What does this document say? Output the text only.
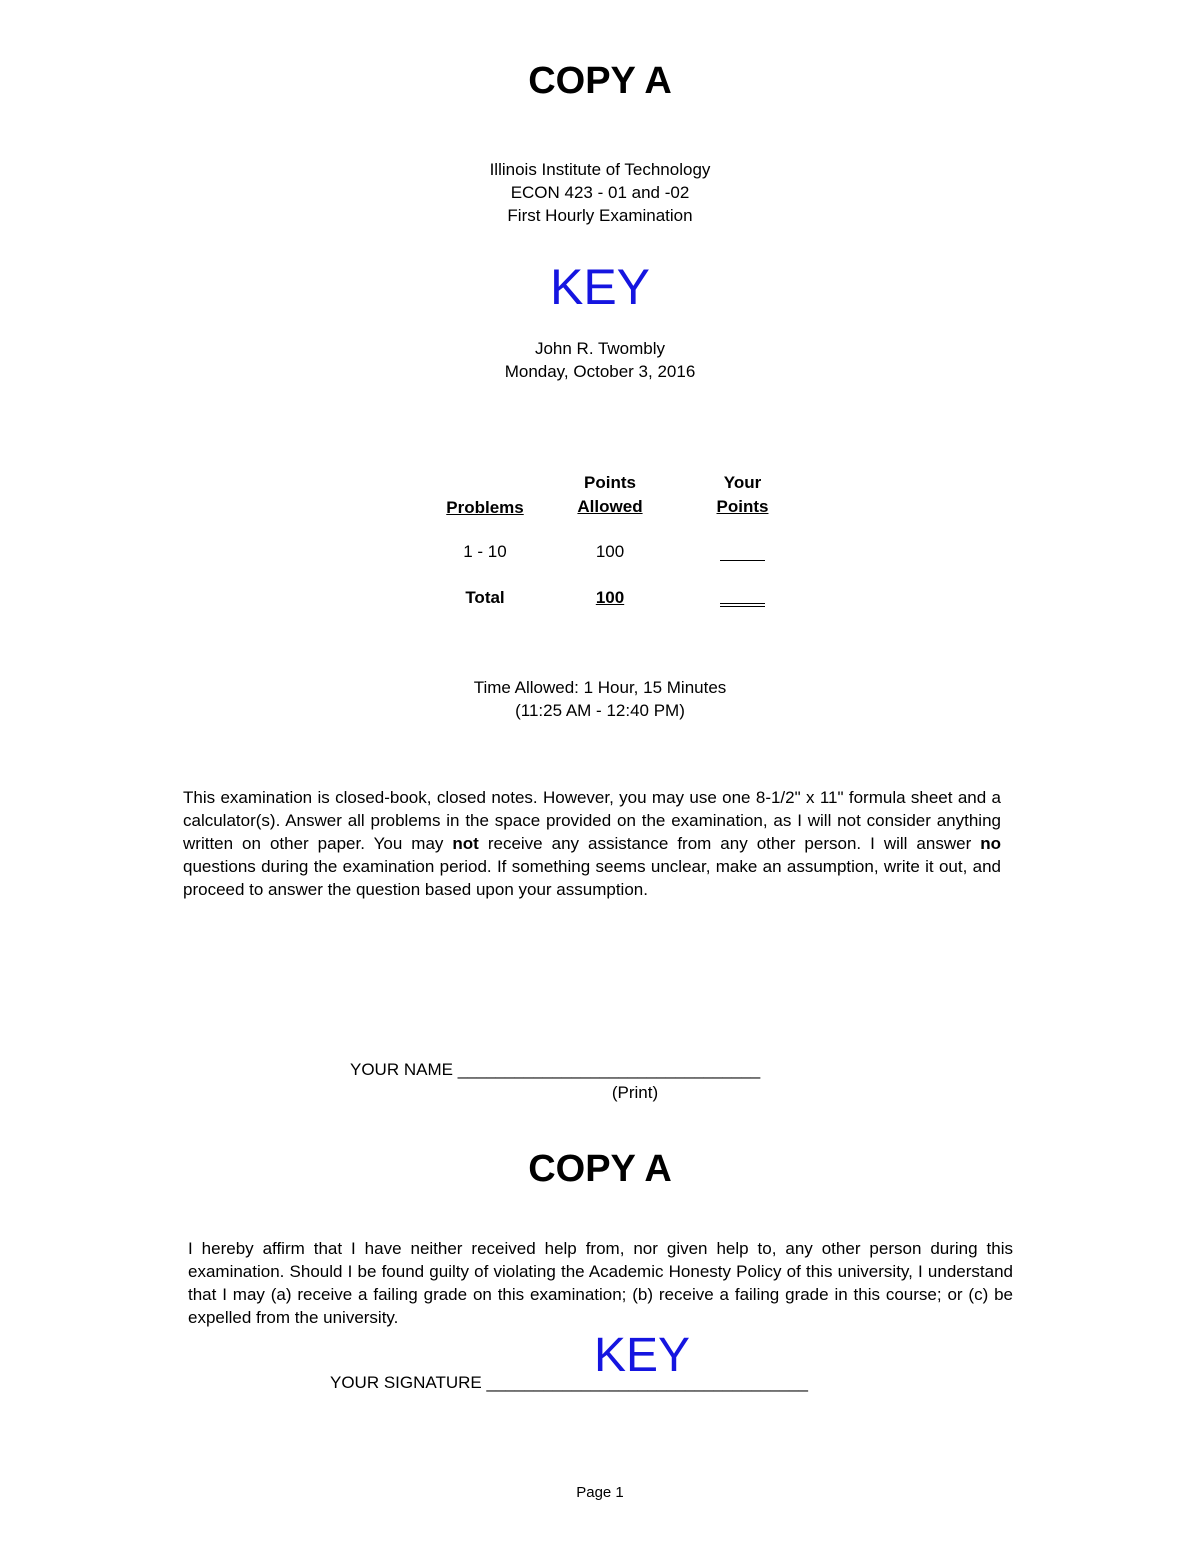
COPY A
Illinois Institute of Technology
ECON 423 - 01 and -02
First Hourly Examination
KEY
John R. Twombly
Monday, October 3, 2016
Problems
Points
Allowed
Your
Points
1 - 10	100
Total	100
Time Allowed: 1 Hour, 15 Minutes
(11:25 AM - 12:40 PM)
This examination is closed-book, closed notes. However, you may use one 8-1/2" x 11" formula sheet and a calculator(s). Answer all problems in the space provided on the examination, as I will not consider anything written on other paper. You may not receive any assistance from any other person. I will answer no questions during the examination period. If something seems unclear, make an assumption, write it out, and proceed to answer the question based upon your assumption.
YOUR NAME ________________________________
(Print)
COPY A
I hereby affirm that I have neither received help from, nor given help to, any other person during this examination. Should I be found guilty of violating the Academic Honesty Policy of this university, I understand that I may (a) receive a failing grade on this examination; (b) receive a failing grade in this course; or (c) be expelled from the university.
KEY
YOUR SIGNATURE __________________________________
Page 1
